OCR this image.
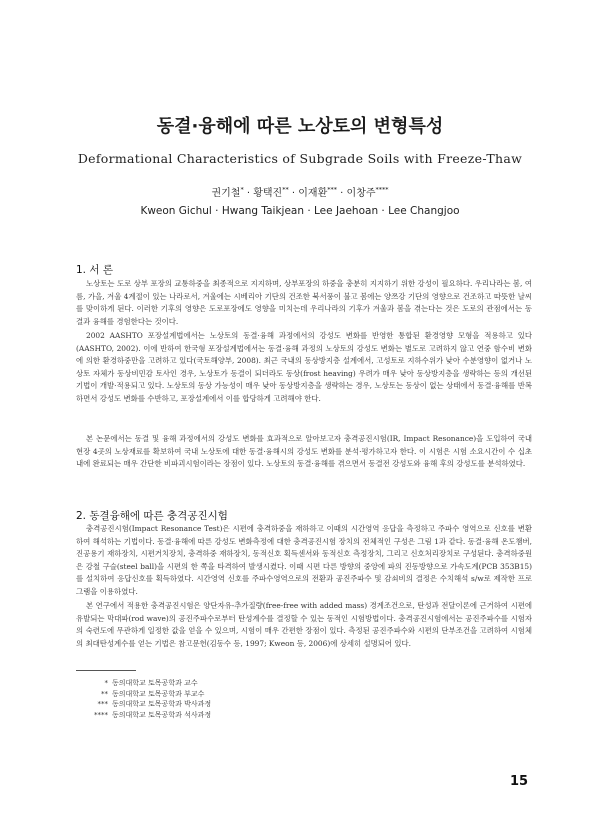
동결·융해에 따른 노상토의 변형특성
Deformational Characteristics of Subgrade Soils with Freeze-Thaw
권기철* · 황택진** · 이재환*** · 이창주****
Kweon Gichul · Hwang Taikjean · Lee Jaehoan · Lee Changjoo
1. 서 론

노상토는 도로 상부 포장의 교통하중을 최종적으로 지지하며, 상부포장의 하중을 충분히 지지하기 위한 강성이 필요하다. 우리나라는 봄, 여름, 가을, 겨울 4계절이 있는 나라로서, 겨울에는 시베리아 기단의 건조한 북서풍이 불고 봄에는 양쯔강 기단의 영향으로 건조하고 따뜻한 날씨를 맞이하게 된다. 이러한 기후의 영향은 도로포장에도 영향을 미치는데 우리나라의 기후가 겨울과 봄을 겪는다는 것은 도로의 관점에서는 동결과 융해를 경험한다는 것이다.

2002 AASHTO 포장설계법에서는 노상토의 동결·융해 과정에서의 강성도 변화를 반영한 통합된 환경영향 모형을 적용하고 있다(AASHTO, 2002). 이에 반하여 한국형 포장설계법에서는 동결·융해 과정의 노상토의 강성도 변화는 별도로 고려하지 않고 연중 함수비 변화에 의한 환경하중만을 고려하고 있다(국토해양부, 2008). 최근 국내의 동상방지층 설계에서, 고성토로 지하수위가 낮아 수분영향이 없거나 노상토 자체가 동상비민감 토사인 경우, 노상토가 동결이 되더라도 동상(frost heaving) 우려가 매우 낮아 동상방지층을 생략하는 등의 개선된 기법이 개발·적용되고 있다. 노상토의 동상 가능성이 매우 낮아 동상방지층을 생략하는 경우, 노상토는 동상이 없는 상태에서 동결·융해를 반복하면서 강성도 변화를 수반하고, 포장설계에서 이를 합당하게 고려해야 한다.

본 논문에서는 동결 및 융해 과정에서의 강성도 변화를 효과적으로 알아보고자 충격공진시험(IR, Impact Resonance)을 도입하여 국내 현장 4곳의 노상재료를 확보하여 국내 노상토에 대한 동결·융해시의 강성도 변화를 분석·평가하고자 한다. 이 시험은 시험 소요시간이 수 십초 내에 완료되는 매우 간단한 비파괴시험이라는 장점이 있다. 노상토의 동결·융해를 겪으면서 동결전 강성도와 융해 후의 강성도를 분석하였다.

2. 동결융해에 따른 충격공진시험

충격공진시험(Impact Resonance Test)은 시편에 충격하중을 재하하고 이때의 시간영역 응답을 측정하고 주파수 영역으로 신호를 변환하여 해석하는 기법이다. 동결·융해에 따른 강성도 변화측정에 대한 충격공진시험 장치의 전체적인 구성은 그림 1과 같다. 동결·융해 온도챔버, 진공용기 재하장치, 시편거치장치, 충격하중 재하장치, 동적신호 획득센서와 동적신호 측정장치, 그리고 신호처리장치로 구성된다. 충격하중원은 강철 구슬(steel ball)을 시편의 한 쪽을 타격하여 발생시켰다. 이때 시편 다른 방향의 중앙에 파의 진동방향으로 가속도계(PCB 353B15)를 설치하여 응답신호를 획득하였다. 시간영역 신호를 주파수영역으로의 전환과 공진주파수 및 감쇠비의 결정은 수치해석 s/w로 제작한 프로그램을 이용하였다.

본 연구에서 적용한 충격공진시험은 양단자유-추가질량(free-free with added mass) 경계조건으로, 탄성과 전달이론에 근거하여 시편에 유발되는 막대파(rod wave)의 공진주파수로부터 탄성계수를 결정할 수 있는 동적인 시험방법이다. 충격공진시험에서는 공진주파수를 시험자의 숙련도에 무관하게 일정한 값을 얻을 수 있으며, 시험이 매우 간편한 장점이 있다. 측정된 공진주파수와 시편의 단부조건을 고려하여 시험체의 최대탄성계수를 얻는 기법은 참고문헌(김동수 등, 1997; Kweon 등, 2006)에 상세히 설명되어 있다.

* 동의대학교 토목공학과 교수
** 동의대학교 토목공학과 부교수
*** 동의대학교 토목공학과 박사과정
**** 동의대학교 토목공학과 석사과정
15
